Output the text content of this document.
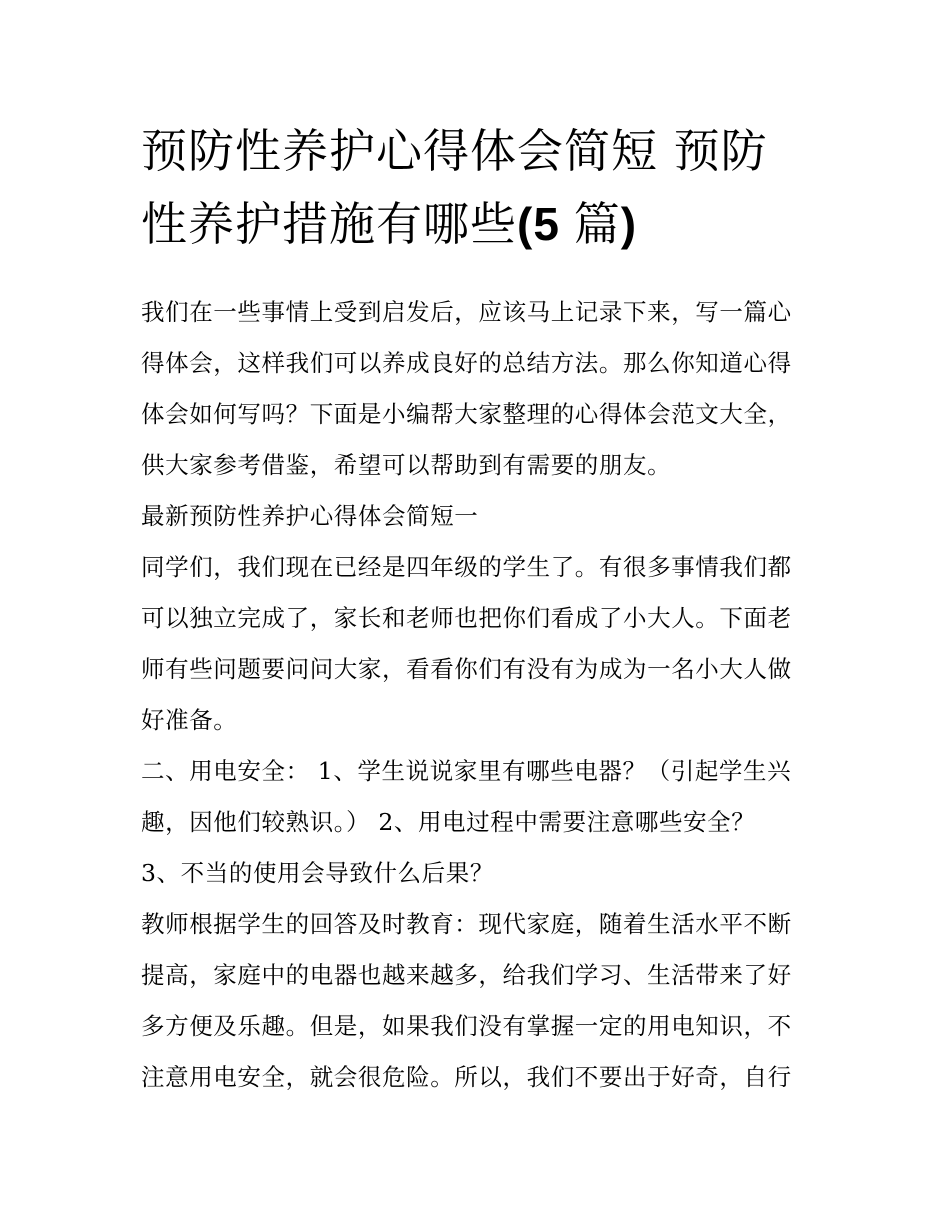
预防性养护心得体会简短 预防性养护措施有哪些(5 篇)

我们在一些事情上受到启发后，应该马上记录下来，写一篇心得体会，这样我们可以养成良好的总结方法。那么你知道心得体会如何写吗？下面是小编帮大家整理的心得体会范文大全，供大家参考借鉴，希望可以帮助到有需要的朋友。

最新预防性养护心得体会简短一

同学们，我们现在已经是四年级的学生了。有很多事情我们都可以独立完成了，家长和老师也把你们看成了小大人。下面老师有些问题要问问大家，看看你们有没有为成为一名小大人做好准备。

二、用电安全： 1、学生说说家里有哪些电器？（引起学生兴趣，因他们较熟识。） 2、用电过程中需要注意哪些安全？

3、不当的使用会导致什么后果？

教师根据学生的回答及时教育：现代家庭，随着生活水平不断提高，家庭中的电器也越来越多，给我们学习、生活带来了好多方便及乐趣。但是，如果我们没有掌握一定的用电知识，不注意用电安全，就会很危险。所以，我们不要出于好奇，自行
